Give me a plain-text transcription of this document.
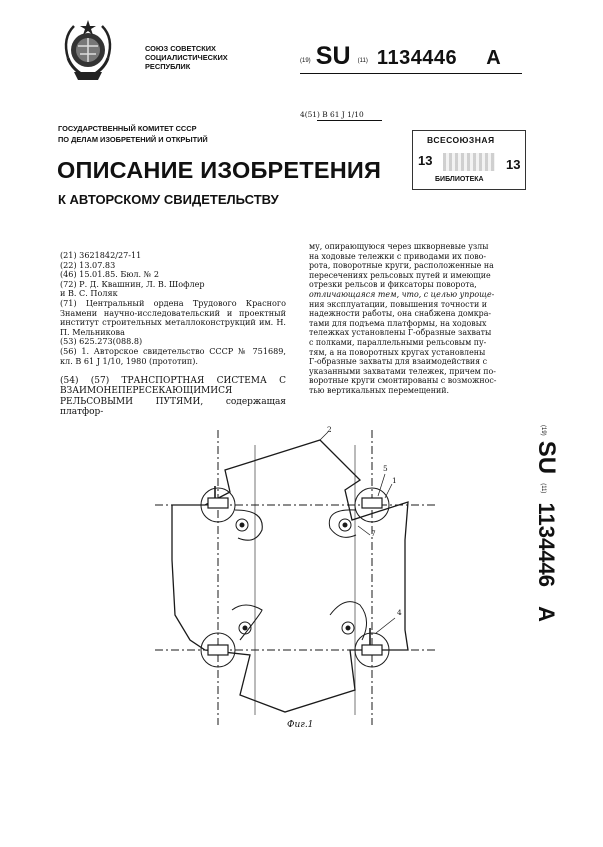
СОЮЗ СОВЕТСКИХ
СОЦИАЛИСТИЧЕСКИХ
РЕСПУБЛИК
(19) SU (11) 1134446 A
4(51) В 61 J 1/10
ГОСУДАРСТВЕННЫЙ КОМИТЕТ СССР
ПО ДЕЛАМ ИЗОБРЕТЕНИЙ И ОТКРЫТИЙ
ОПИСАНИЕ ИЗОБРЕТЕНИЯ
К АВТОРСКОМУ СВИДЕТЕЛЬСТВУ
ВСЕСОЮЗНАЯ
13	13
БИБЛИОТЕКА
(21) 3621842/27-11
(22) 13.07.83
(46) 15.01.85. Бюл. № 2
(72) Р. Д. Квашнин, Л. В. Шофлер
и В. С. Поляк
(71) Центральный ордена Трудового Красного Знамени научно-исследовательский и проектный институт строительных металлоконструкций им. Н. П. Мельникова
(53) 625.273(088.8)
(56) 1. Авторское свидетельство СССР № 751689, кл. В 61 J 1/10, 1980 (прототип).
(54) (57) ТРАНСПОРТНАЯ СИСТЕМА С ВЗАИМОНЕПЕРЕСЕКАЮЩИМИСЯ РЕЛЬСОВЫМИ ПУТЯМИ, содержащая платфор-
му, опирающуюся через шкворневые узлы
на ходовые тележки с приводами их пово-
рота, поворотные круги, расположенные на
пересечениях рельсовых путей и имеющие
отрезки рельсов и фиксаторы поворота,
отличающаяся тем, что, с целью упроще-
ния эксплуатации, повышения точности и
надежности работы, она снабжена домкра-
тами для подъема платформы, на ходовых
тележках установлены Г-образные захваты
с полками, параллельными рельсовым пу-
тям, а на поворотных кругах установлены
Г-образные захваты для взаимодействия с
указанными захватами тележек, причем по-
воротные круги смонтированы с возможнос-
тью вертикальных перемещений.
(19) SU (11) 1134446 A
2
5
1
7
4
Фиг.1
